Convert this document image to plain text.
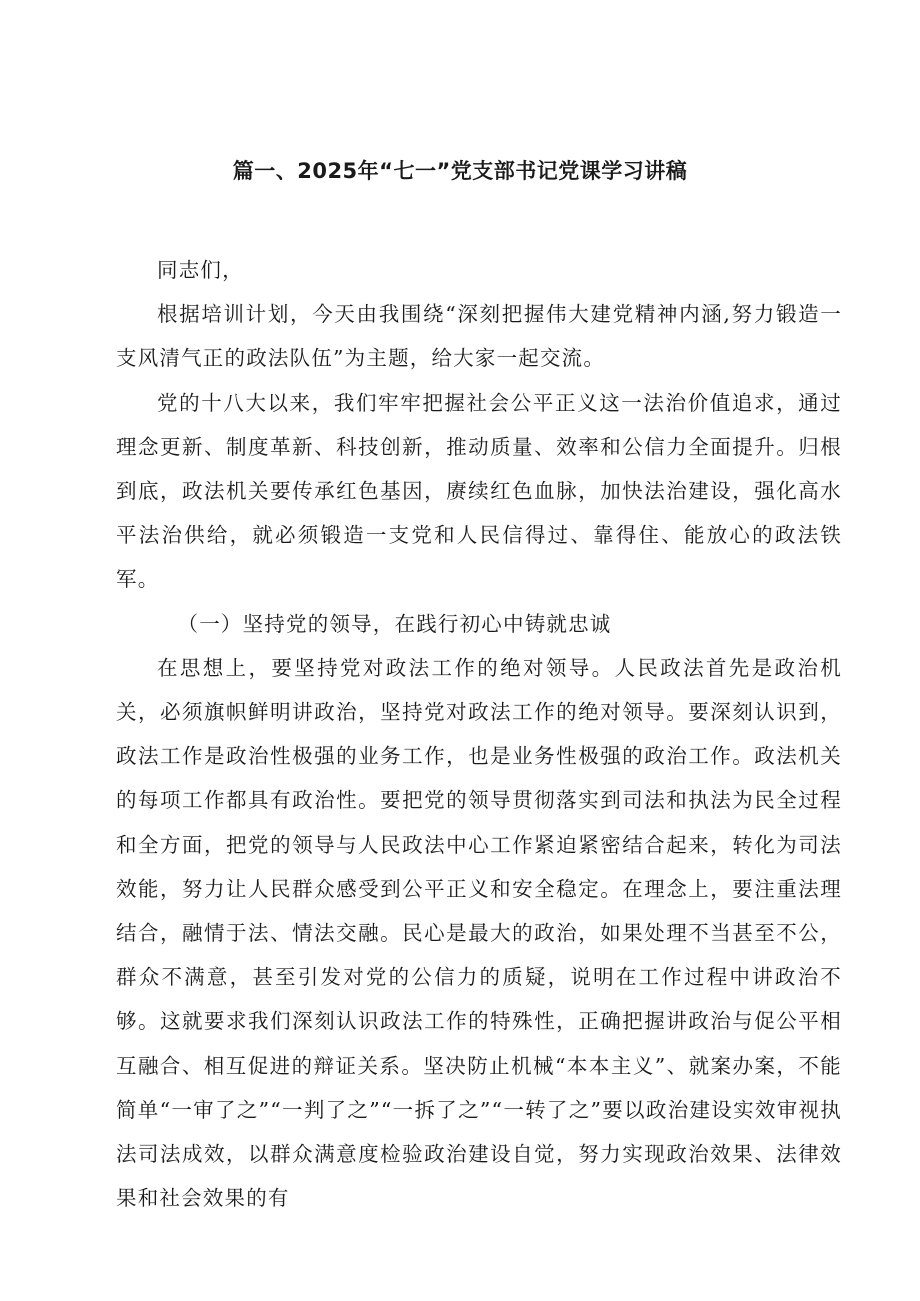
篇一、2025年“七一”党支部书记党课学习讲稿

同志们，

根据培训计划，今天由我围绕“深刻把握伟大建党精神内涵,努力锻造一支风清气正的政法队伍”为主题，给大家一起交流。

党的十八大以来，我们牢牢把握社会公平正义这一法治价值追求，通过理念更新、制度革新、科技创新，推动质量、效率和公信力全面提升。归根到底，政法机关要传承红色基因，赓续红色血脉，加快法治建设，强化高水平法治供给，就必须锻造一支党和人民信得过、靠得住、能放心的政法铁军。

（一）坚持党的领导，在践行初心中铸就忠诚

在思想上，要坚持党对政法工作的绝对领导。人民政法首先是政治机关，必须旗帜鲜明讲政治，坚持党对政法工作的绝对领导。要深刻认识到，政法工作是政治性极强的业务工作，也是业务性极强的政治工作。政法机关的每项工作都具有政治性。要把党的领导贯彻落实到司法和执法为民全过程和全方面，把党的领导与人民政法中心工作紧迫紧密结合起来，转化为司法效能，努力让人民群众感受到公平正义和安全稳定。在理念上，要注重法理结合，融情于法、情法交融。民心是最大的政治，如果处理不当甚至不公，群众不满意，甚至引发对党的公信力的质疑，说明在工作过程中讲政治不够。这就要求我们深刻认识政法工作的特殊性，正确把握讲政治与促公平相互融合、相互促进的辩证关系。坚决防止机械“本本主义”、就案办案，不能简单“一审了之”“一判了之”“一拆了之”“一转了之”要以政治建设实效审视执法司法成效，以群众满意度检验政治建设自觉，努力实现政治效果、法律效果和社会效果的有
